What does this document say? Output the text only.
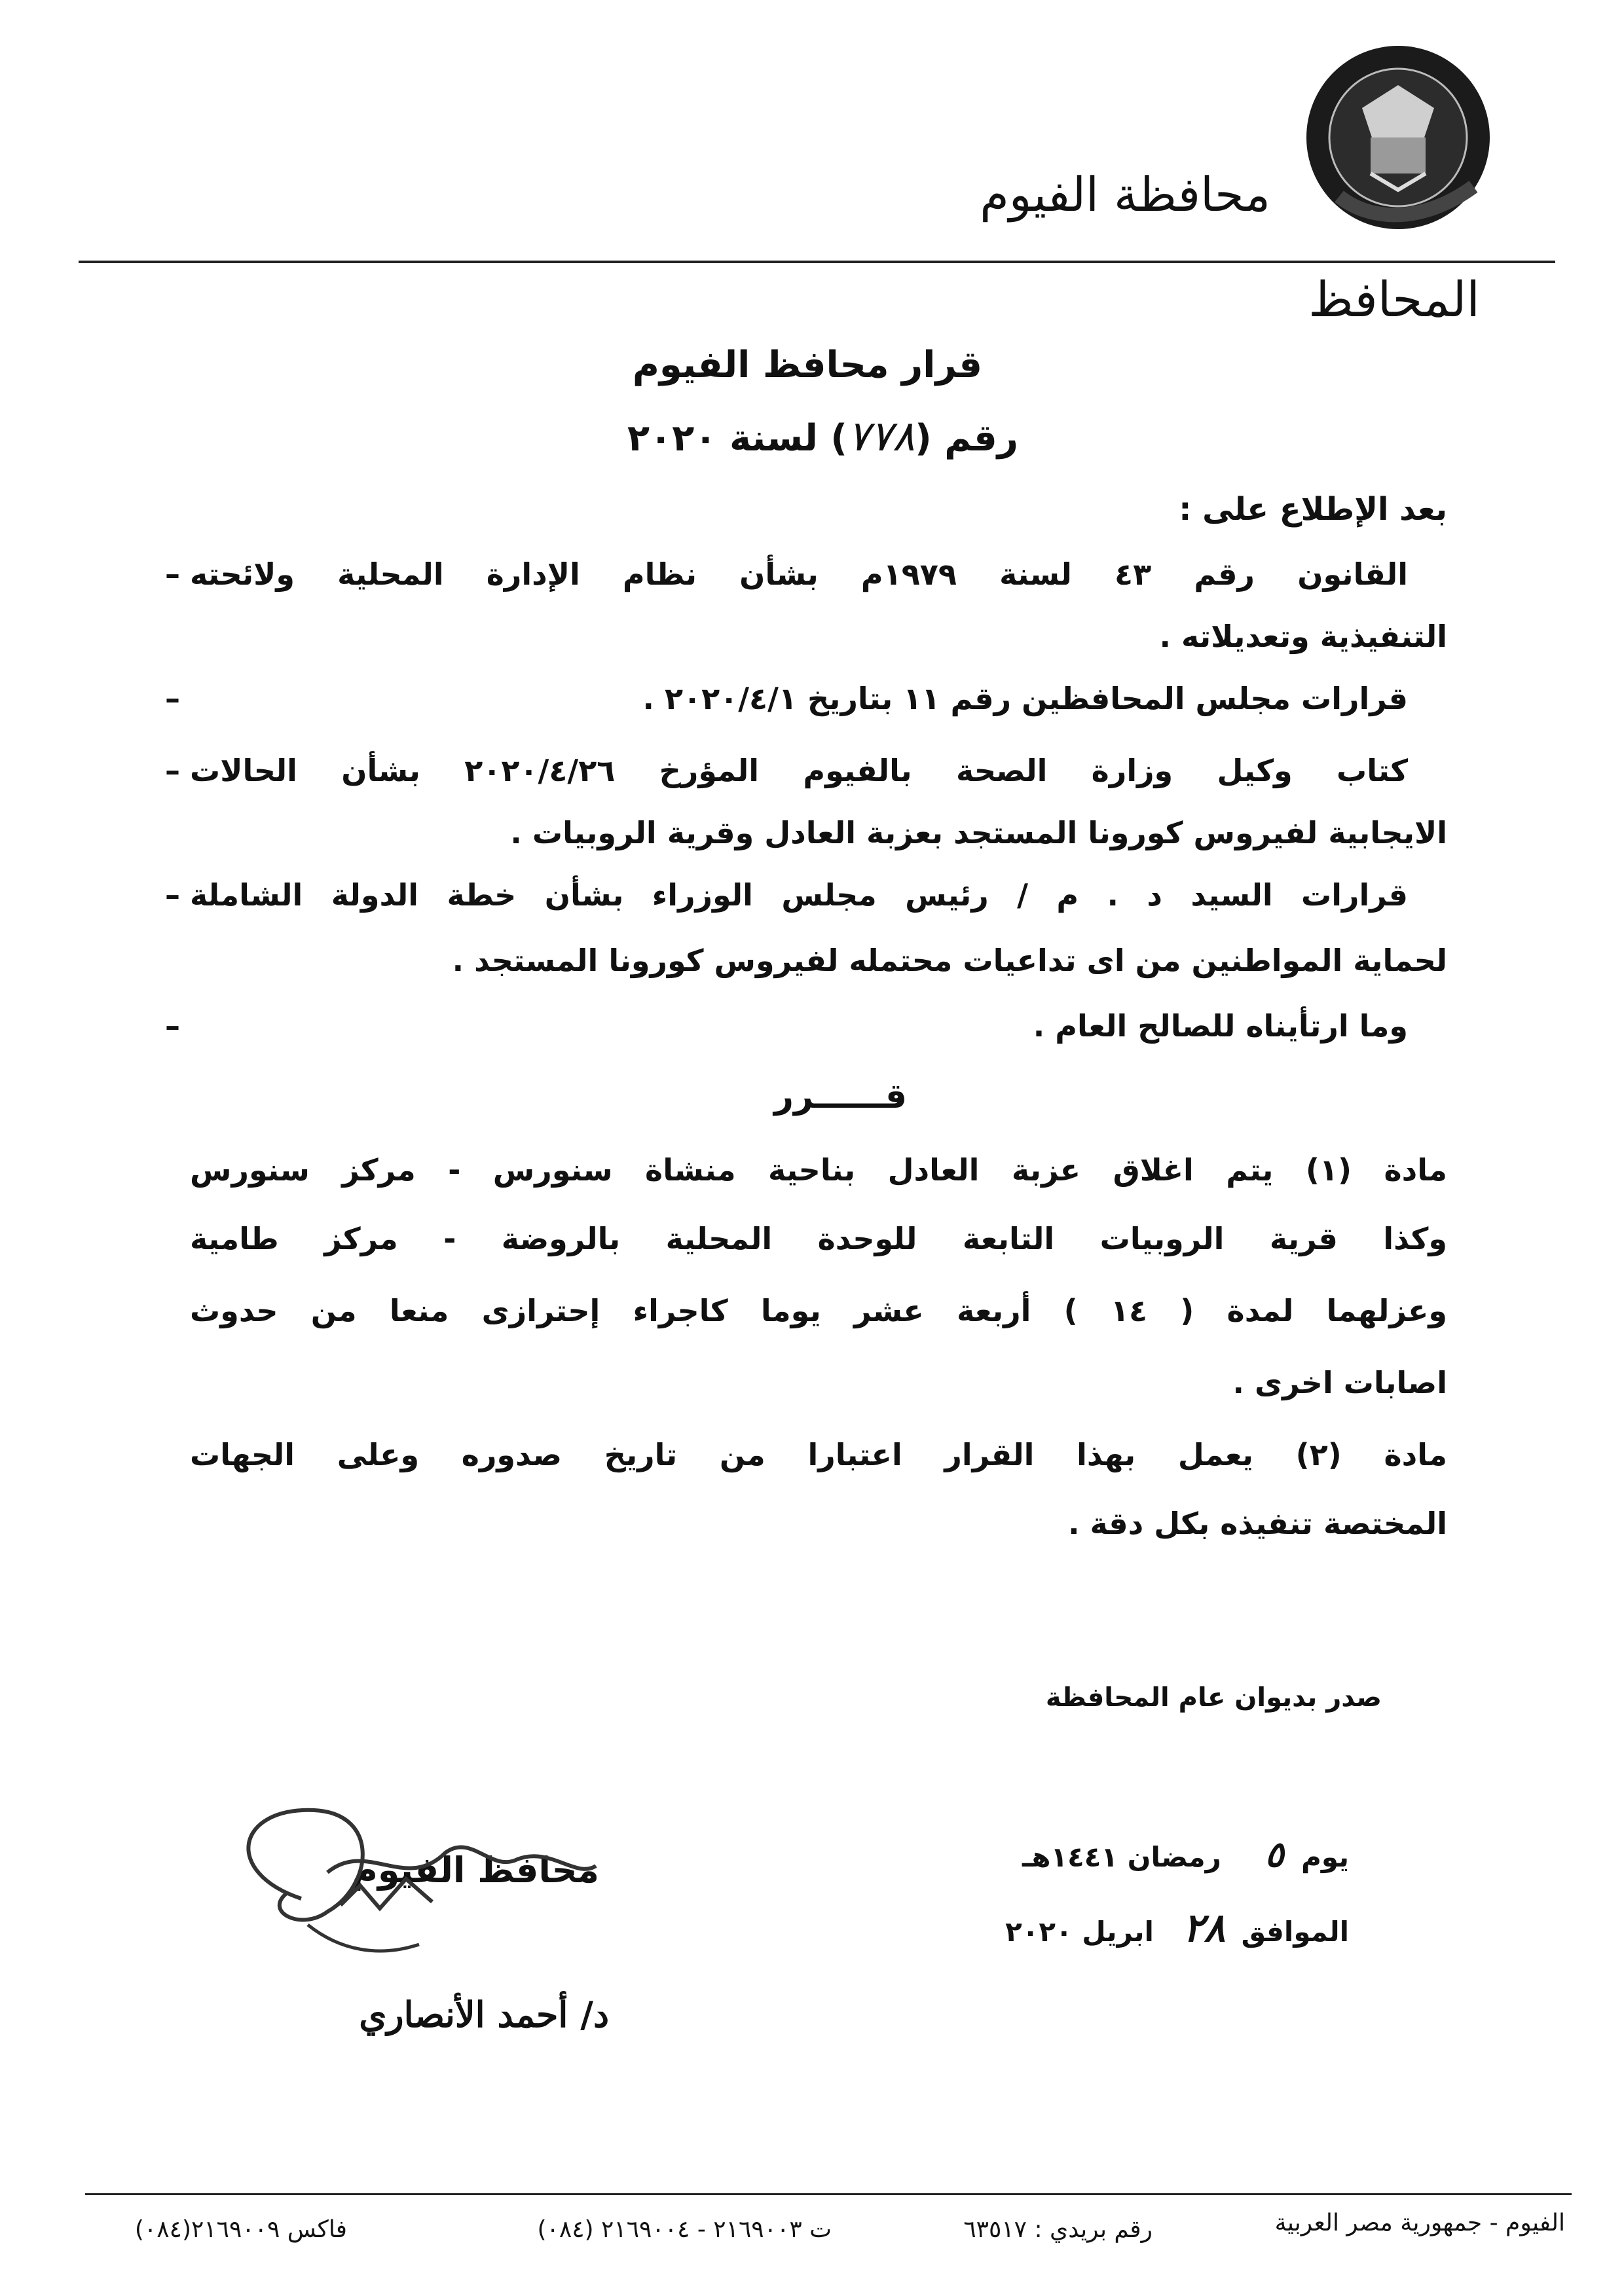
محافظة الفيوم
المحافظ
قرار محافظ الفيوم
رقم (٧٧٨) لسنة ٢٠٢٠
بعد الإطلاع على :
– القانون رقم ٤٣ لسنة ١٩٧٩م بشأن نظام الإدارة المحلية ولائحته
التنفيذية وتعديلاته .
–	قرارات مجلس المحافظين رقم ١١ بتاريخ ٢٠٢٠/٤/١ .
– كتاب وكيل وزارة الصحة بالفيوم المؤرخ ٢٠٢٠/٤/٢٦ بشأن الحالات
الايجابية لفيروس كورونا المستجد بعزبة العادل وقرية الروبيات .
– قرارات السيد د . م / رئيس مجلس الوزراء بشأن خطة الدولة الشاملة
لحماية المواطنين من اى تداعيات محتمله لفيروس كورونا المستجد .
–	وما ارتأيناه للصالح العام .
قــــــرر
مادة (١) يتم اغلاق عزبة العادل بناحية منشاة سنورس - مركز سنورس
وكذا قرية الروبيات التابعة للوحدة المحلية بالروضة - مركز طامية
وعزلهما لمدة ( ١٤ ) أربعة عشر يوما كاجراء إحترازى منعا من حدوث
اصابات اخرى .
مادة (٢) يعمل بهذا القرار اعتبارا من تاريخ صدوره وعلى الجهات
المختصة تنفيذه بكل دقة .
صدر بديوان عام المحافظة
يوم ٥ رمضان ١٤٤١هـ
الموافق ٢٨ ابريل ٢٠٢٠
محافظ الفيوم
د/ أحمد الأنصاري
الفيوم - جمهورية مصر العربية
رقم بريدي : ٦٣٥١٧
ت ٢١٦٩٠٠٣ - ٢١٦٩٠٠٤ (٠٨٤)
فاكس ٢١٦٩٠٠٩(٠٨٤)
